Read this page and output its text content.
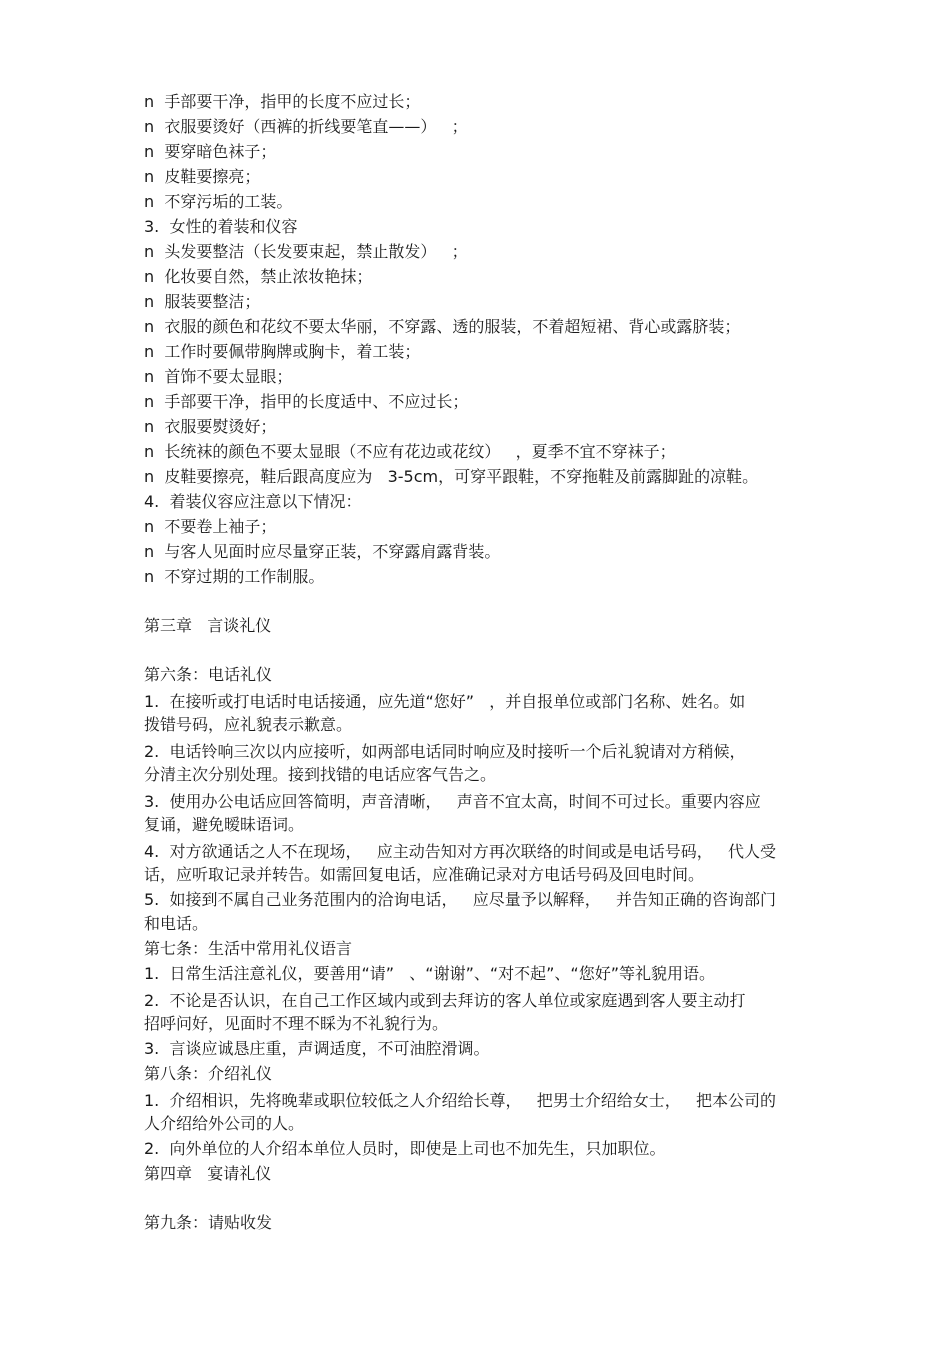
n  手部要干净，指甲的长度不应过长；

n  衣服要烫好（西裤的折线要笔直——）   ；

n  要穿暗色袜子；

n  皮鞋要擦亮；

n  不穿污垢的工装。

3.  女性的着装和仪容

n  头发要整洁（长发要束起，禁止散发）   ；

n  化妆要自然，禁止浓妆艳抹；

n  服装要整洁；

n  衣服的颜色和花纹不要太华丽，不穿露、透的服装，不着超短裙、背心或露脐装；

n  工作时要佩带胸牌或胸卡，着工装；

n  首饰不要太显眼；

n  手部要干净，指甲的长度适中、不应过长；

n  衣服要熨烫好；

n  长统袜的颜色不要太显眼（不应有花边或花纹）   ，夏季不宜不穿袜子；

n  皮鞋要擦亮，鞋后跟高度应为   3-5cm，可穿平跟鞋，不穿拖鞋及前露脚趾的凉鞋。

4.  着装仪容应注意以下情况：

n  不要卷上袖子；

n  与客人见面时应尽量穿正装，不穿露肩露背装。

n  不穿过期的工作制服。

第三章   言谈礼仪

第六条：电话礼仪

1.  在接听或打电话时电话接通，应先道“您好”   ，并自报单位或部门名称、姓名。如

拨错号码，应礼貌表示歉意。

2.  电话铃响三次以内应接听，如两部电话同时响应及时接听一个后礼貌请对方稍候，

分清主次分别处理。接到找错的电话应客气告之。

3.  使用办公电话应回答简明，声音清晰，   声音不宜太高，时间不可过长。重要内容应

复诵，避免暧昧语词。

4.  对方欲通话之人不在现场，   应主动告知对方再次联络的时间或是电话号码，   代人受

话，应听取记录并转告。如需回复电话，应准确记录对方电话号码及回电时间。

5.  如接到不属自己业务范围内的洽询电话，   应尽量予以解释，   并告知正确的咨询部门

和电话。

第七条：生活中常用礼仪语言

1.  日常生活注意礼仪，要善用“请”   、“谢谢”、“对不起”、“您好”等礼貌用语。

2.  不论是否认识，在自己工作区域内或到去拜访的客人单位或家庭遇到客人要主动打

招呼问好，见面时不理不睬为不礼貌行为。

3.  言谈应诚恳庄重，声调适度，不可油腔滑调。

第八条：介绍礼仪

1.  介绍相识，先将晚辈或职位较低之人介绍给长尊，   把男士介绍给女士，   把本公司的

人介绍给外公司的人。

2.  向外单位的人介绍本单位人员时，即使是上司也不加先生，只加职位。

第四章   宴请礼仪

第九条：请贴收发
